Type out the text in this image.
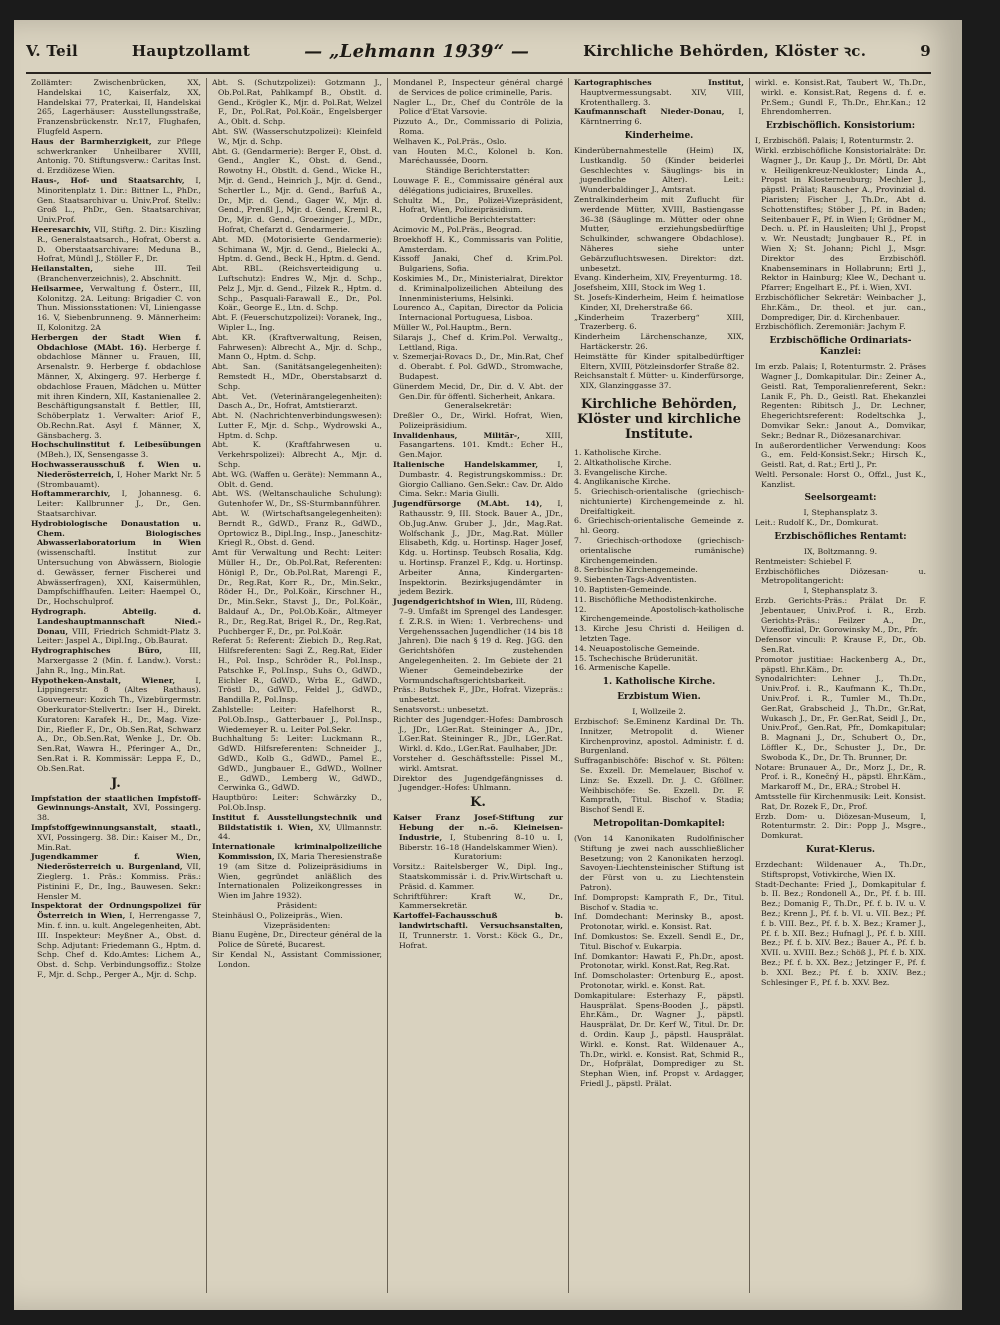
V. Teil	Hauptzollamt	— „Lehmann 1939“ —	Kirchliche Behörden, Klöster ꝛc.	9

Zollämter: Zwischenbrücken, XX, Handelskai 1C, Kaiserfalz, XX, Handelskai 77, Praterkai, II, Handelskai 265, Lagerhäuser: Ausstellungsstraße, Franzensbrückenstr. Nr.17, Flughafen, Flugfeld Aspern.

Haus der Barmherzigkeit, zur Pflege schwerkranker Unheilbarer XVIII, Antonig. 70. Stiftungsverw.: Caritas Inst. d. Erzdiözese Wien.

Haus-, Hof- und Staatsarchiv, I, Minoritenplatz 1. Dir.: Bittner L., PhDr., Gen. Staatsarchivar u. Univ.Prof. Stellv.: Groß L., PhDr., Gen. Staatsarchivar, Univ.Prof.

Heeresarchiv, VII, Stiftg. 2. Dir.: Kiszling R., Generalstaatsarch., Hofrat, Oberst a. D. Oberstaatsarchivare: Meduna B., Hofrat, Mündl J., Stöller F., Dr.

Heilanstalten, siehe III. Teil (Branchenverzeichnis), 2. Abschnitt.

Heilsarmee, Verwaltung f. Österr., III, Kolonitzg. 2A. Leitung: Brigadier C. von Thun. Missionsstationen: VI, Liniengasse 16. V, Siebenbrunneng. 9. Männerheim: II, Kolonitzg. 2A

Herbergen der Stadt Wien f. Obdachlose (MAbt. 16). Herberge f. obdachlose Männer u. Frauen, III, Arsenalstr. 9. Herberge f. obdachlose Männer, X, Alxingerg. 97. Herberge f. obdachlose Frauen, Mädchen u. Mütter mit ihren Kindern, XII, Kastanienallee 2. Beschäftigungsanstalt f. Bettler, III, Schöberplatz 1. Verwalter: Ariof F., Ob.Rechn.Rat. Asyl f. Männer, X, Gänsbacherg. 3.

Hochschulinstitut f. Leibesübungen (MBeh.), IX, Sensengasse 3.

Hochwasserausschuß f. Wien u. Niederösterreich, I, Hoher Markt Nr. 5 (Strombauamt).

Hoftammerarchiv, I, Johannesg. 6. Leiter: Kallbrunner J., Dr., Gen. Staatsarchivar.

Hydrobiologische Donaustation u. Chem. Biologisches Abwasserlaboratorium in Wien (wissenschaftl. Institut zur Untersuchung von Abwässern, Biologie d. Gewässer, ferner Fischerei und Abwässerfragen), XXI, Kaisermühlen, Dampfschiffhaufen. Leiter: Haempel O., Dr., Hochschulprof.

Hydrograph. Abteilg. d. Landeshauptmannschaft Nied.-Donau, VIII, Friedrich Schmidt-Platz 3. Leiter: Jaspel A., Dipl.Ing., Ob.Baurat.

Hydrographisches Büro, III, Marxergasse 2 (Min. f. Landw.). Vorst.: Jahn R., Ing., Min.Rat.

Hypotheken-Anstalt, Wiener, I, Lippingerstr. 8 (Altes Rathaus). Gouverneur: Kozich Th., Vizebürgermstr. Oberkurator-Stellvertr.: Iser H., Direkt. Kuratoren: Karafek H., Dr., Mag. Vize-Dir., Riefler F., Dr., Ob.Sen.Rat, Schwarz A., Dr., Ob.Sen.Rat, Wenke J., Dr. Ob. Sen.Rat, Wawra H., Pferinger A., Dr., Sen.Rat i. R. Kommissär: Leppa F., D., Ob.Sen.Rat.

J.

Impfstation der staatlichen Impfstoff-Gewinnungs-Anstalt, XVI, Possingerg. 38.

Impfstoffgewinnungsanstalt, staatl., XVI, Possingerg. 38. Dir.: Kaiser M., Dr., Min.Rat.

Jugendkammer f. Wien, Niederösterreich u. Burgenland, VII, Zieglerg. 1. Präs.: Kommiss. Präs.: Pistinini F., Dr., Ing., Bauwesen. Sekr.: Hensler M.

Inspektorat der Ordnungspolizei für Österreich in Wien, I, Herrengasse 7, Min. f. inn. u. kult. Angelegenheiten, Abt. III. Inspekteur: Meyßner A., Obst. d. Schp. Adjutant: Friedemann G., Hptm. d. Schp. Chef d. Kdo.Amtes: Lichem A., Obst. d. Schp. Verbindungsoffiz.: Stolze F., Mjr. d. Schp., Perger A., Mjr. d. Schp.

Abt. S. (Schutzpolizei): Gotzmann J., Ob.Pol.Rat, Pahlkampf B., Obstlt. d. Gend., Krögler K., Mjr. d. Pol.Rat, Welzel F., Dr., Pol.Rat, Pol.Koär., Engelsberger A., Oblt. d. Schp.

Abt. SW. (Wasserschutzpolizei): Kleinfeld W., Mjr. d. Schp.

Abt. G. (Gendarmerie): Berger F., Obst. d. Gend., Angler K., Obst. d. Gend., Rowotny H., Obstlt. d. Gend., Wicke H., Mjr. d. Gend., Heinrich J., Mjr. d. Gend., Schertler L., Mjr. d. Gend., Barfuß A., Dr., Mjr. d. Gend., Gager W., Mjr. d. Gend., Prenßl J., Mjr. d. Gend., Kreml R., Dr., Mjr. d. Gend., Groezinger J., MDr., Hofrat, Chefarzt d. Gendarmerie.

Abt. MD. (Motorisierte Gendarmerie): Schimana W., Mjr. d. Gend., Bielecki A., Hptm. d. Gend., Beck H., Hptm. d. Gend.

Abt. RBL. (Reichsverteidigung u. Luftschutz): Endres W., Mjr. d. Schp., Pelz J., Mjr. d. Gend., Filzek R., Hptm. d. Schp., Pasquali-Farawall E., Dr., Pol. Koär., George E., Ltn. d. Schp.

Abt. F. (Feuerschutzpolizei): Voranek, Ing., Wipler L., Ing.

Abt. KR. (Kraftverwaltung, Reisen, Fahrwesen): Albrecht A., Mjr. d. Schp., Mann O., Hptm. d. Schp.

Abt. San. (Sanitätsangelegenheiten): Remstedt H., MDr., Oberstabsarzt d. Schp.

Abt. Vet. (Veterinärangelegenheiten): Dasch A., Dr., Hofrat, Amtstierarzt.

Abt. N. (Nachrichtenverbindungswesen): Lutter F., Mjr. d. Schp., Wydrowski A., Hptm. d. Schp.

Abt. K. (Kraftfahrwesen u. Verkehrspolizei): Albrecht A., Mjr. d. Schp.

Abt. WG. (Waffen u. Geräte): Nemmann A., Oblt. d. Gend.

Abt. WS. (Weltanschauliche Schulung): Gutenhofer W., Dr., SS-Sturmbannführer.

Abt. W. (Wirtschaftsangelegenheiten): Berndt R., GdWD., Franz R., GdWD., Oprtowicz B., Dipl.Ing., Insp., Janeschitz-Kriegl R., Obst. d. Gend.

Amt für Verwaltung und Recht: Leiter: Müller H., Dr., Ob.Pol.Rat, Referenten: Hönigl P., Dr., Ob.Pol.Rat, Marengi F., Dr., Reg.Rat, Korr R., Dr., Min.Sekr., Röder H., Dr., Pol.Koär., Kirschner H., Dr., Min.Sekr., Stavst J., Dr., Pol.Koär., Baldauf A., Dr., Pol.Ob.Koär., Altmeyer R., Dr., Reg.Rat, Brigel R., Dr., Reg.Rat, Puchberger F., Dr., pr. Pol.Koär.

Referat 5: Referent: Ziebich D., Reg.Rat, Hilfsreferenten: Sagi Z., Reg.Rat, Eider H., Pol. Insp., Schröder R., Pol.Insp., Patschke F., Pol.Insp., Suhs O., GdWD., Eichler R., GdWD., Wrba E., GdWD., Tröstl D., GdWD., Feldel J., GdWD., Bandilla P., Pol.Insp.

Zahlstelle: Leiter: Hafelhorst R., Pol.Ob.Insp., Gatterbauer J., Pol.Insp., Wiedemeyer R. u. Leiter Pol.Sekr.

Buchhaltung 5: Leiter: Luckmann R., GdWD. Hilfsreferenten: Schneider J., GdWD., Kolb G., GdWD., Pamel E., GdWD., Jungbauer E., GdWD., Wollner E., GdWD., Lemberg W., GdWD., Cerwinka G., GdWD.

Hauptbüro: Leiter: Schwärzky D., Pol.Ob.Insp.

Institut f. Ausstellungstechnik und Bildstatistik i. Wien, XV, Ullmannstr. 44.

Internationale kriminalpolizeiliche Kommission, IX, Maria Theresienstraße 19 (am Sitze d. Polizeipräsidiums in Wien, gegründet anläßlich des Internationalen Polizeikongresses in Wien im Jahre 1932).

Präsident:

Steinhäusl O., Polizeipräs., Wien.

Vizepräsidenten:

Bianu Eugène, Dr., Directeur général de la Police de Sûreté, Bucarest.

Sir Kendal N., Assistant Commissioner, London.

Mondanel P., Inspecteur général chargé de Services de police criminelle, Paris.

Nagler L., Dr., Chef du Contrôle de la Police d'Etat Varsovie.

Pizzuto A., Dr., Commissario di Polizia, Roma.

Welhaven K., Pol.Präs., Oslo.

van Houten M.C., Kolonel b. Kon. Maréchaussée, Doorn.

Ständige Berichterstatter:

Louwage F. E., Commissaire général aux délégations judiciaires, Bruxelles.

Schultz M., Dr., Polizei-Vizepräsident, Hofrat, Wien, Polizeipräsidium.

Ordentliche Berichterstatter:

Acimovic M., Pol.Präs., Beograd.

Broekhoff H. K., Commissaris van Politie, Amsterdam.

Kissoff Janaki, Chef d. Krim.Pol. Bulgariens, Sofia.

Koskimies M., Dr., Ministerialrat, Direktor d. Kriminalpolizeilichen Abteilung des Innenministeriums, Helsinki.

Lourenco A., Capitan, Director da Policia Internacional Portuguesa, Lisboa.

Müller W., Pol.Hauptm., Bern.

Silarajs J., Chef d. Krim.Pol. Verwaltg., Lettland, Riga.

v. Szemerjai-Rovacs D., Dr., Min.Rat, Chef d. Oberabt. f. Pol. GdWD., Stromwache, Budapest.

Günerdem Mecid, Dr., Dir. d. V. Abt. der Gen.Dir. für öffentl. Sicherheit, Ankara.

Generalsekretär:

Dreßler O., Dr., Wirkl. Hofrat, Wien, Polizeipräsidium.

Invalidenhaus, Militär-, XIII, Fasangartens. 101. Kmdt.: Echer H., Gen.Major.

Italienische Handelskammer, I, Dumbastr. 4. Registrungskommiss.: Dr. Giorgio Calliano. Gen.Sekr.: Cav. Dr. Aldo Cima. Sekr.: Maria Giulli.

Jugendfürsorge (M.Abt. 14), I, Rathausstr. 9, III. Stock. Bauer A., JDr., Ob.Jug.Anw. Gruber J., Jdr., Mag.Rat. Wolfschank J., JDr., Mag.Rat. Müller Elisabeth, Kdg. u. Hortinsp. Hager Josef, Kdg. u. Hortinsp. Teubsch Rosalia, Kdg. u. Hortinsp. Franzel F., Kdg. u. Hortinsp. Arbeiter Anna, Kindergarten-Inspektorin. Bezirksjugendämter in jedem Bezirk.

Jugendgerichtshof in Wien, III, Rüdeng. 7–9. Umfaßt im Sprengel des Landesger. f. Z.R.S. in Wien: 1. Verbrechens- und Vergehenssachen Jugendlicher (14 bis 18 Jahren). Die nach § 19 d. Reg. JGG. den Gerichtshöfen zustehenden Angelegenheiten. 2. Im Gebiete der 21 Wiener Gemeindebezirke der Vormundschaftsgerichtsbarkeit.

Präs.: Butschek F., JDr., Hofrat. Vizepräs.: unbesetzt.

Senatsvorst.: unbesetzt.

Richter des Jugendger.-Hofes: Dambrosch J., JDr., LGer.Rat. Steininger A., JDr., LGer.Rat. Steininger R., JDr., LGer.Rat. Wirkl. d. Kdo., LGer.Rat. Faulhaber, JDr.

Vorsteher d. Geschäftsstelle: Pissel M., wirkl. Amtsrat.

Direktor des Jugendgefängnisses d. Jugendger.-Hofes: Uhlmann.

K.

Kaiser Franz Josef-Stiftung zur Hebung der n.-ö. Kleineisen-Industrie, I, Stubenring 8–10 u. I, Biberstr. 16–18 (Handelskammer Wien).

Kuratorium:

Vorsitz.: Raitelsberger W., Dipl. Ing., Staatskommissär i. d. Priv.Wirtschaft u. Präsid. d. Kammer.

Schriftführer: Kraft W., Dr., Kammersekretär.

Kartoffel-Fachausschuß b. landwirtschaftl. Versuchsanstalten, II, Trunnerstr. 1. Vorst.: Köck G., Dr., Hofrat.

Kartographisches Institut, Hauptvermessungsabt. XIV, VIII, Krotenthallerg. 3.

Kaufmannschaft Nieder-Donau, I, Kärntnerring 6.

Kinderheime.

Kinderübernahmestelle (Heim) IX, Lustkandlg. 50 (Kinder beiderlei Geschlechtes v. Säuglings- bis in jugendliche Alter). Leit.: Wunderbaldinger J., Amtsrat.

Zentralkinderheim mit Zuflucht für werdende Mütter, XVIII, Bastiengasse 36–38 (Säuglinge m. Mütter oder ohne Mutter, erziehungsbedürftige Schulkinder, schwangere Obdachlose). Näheres siehe unter Gebärzufluchtswesen. Direktor: dzt. unbesetzt.

Evang. Kinderheim, XIV, Freyenturmg. 18.

Josefsheim, XIII, Stock im Weg 1.

St. Josefs-Kinderheim, Heim f. heimatlose Kinder, XI, Dreherstraße 66.

„Kinderheim Trazerberg“ XIII, Trazerberg. 6.

Kinderheim Lärchenschanze, XIX, Hartäckerstr. 26.

Heimstätte für Kinder spitalbedürftiger Eltern, XVIII, Pötzleinsdorfer Straße 82.

Reichsanstalt f. Mütter- u. Kinderfürsorge, XIX, Glanzinggasse 37.

Kirchliche Behörden, Klöster und kirchliche Institute.

1. Katholische Kirche.

2. Altkatholische Kirche.

3. Evangelische Kirche.

4. Anglikanische Kirche.

5. Griechisch-orientalische (griechisch-nichtunierte) Kirchengemeinde z. hl. Dreifaltigkeit.

6. Griechisch-orientalische Gemeinde z. hl. Georg.

7. Griechisch-orthodoxe (griechisch-orientalische rumänische) Kirchengemeinden.

8. Serbische Kirchengemeinde.

9. Siebenten-Tags-Adventisten.

10. Baptisten-Gemeinde.

11. Bischöfliche Methodistenkirche.

12. Apostolisch-katholische Kirchengemeinde.

13. Kirche Jesu Christi d. Heiligen d. letzten Tage.

14. Neuapostolische Gemeinde.

15. Tschechische Brüderunität.

16. Armenische Kapelle.

1. Katholische Kirche.
Erzbistum Wien.

I, Wollzeile 2.

Erzbischof: Se.Eminenz Kardinal Dr. Th. Innitzer, Metropolit d. Wiener Kirchenprovinz, apostol. Administr. f. d. Burgenland.

Suffraganbischöfe: Bischof v. St. Pölten: Se. Exzell. Dr. Memelauer, Bischof v. Linz: Se. Exzell. Dr. J. C. Gföllner. Weihbischöfe: Se. Exzell. Dr. F. Kamprath, Titul. Bischof v. Stadia; Bischof Sendl E.

Metropolitan-Domkapitel:

(Von 14 Kanonikaten Rudolfinischer Stiftung je zwei nach ausschließlicher Besetzung; von 2 Kanonikaten herzogl. Savoyen-Liechtensteinischer Stiftung ist der Fürst von u. zu Liechtenstein Patron).

Inf. Dompropst: Kamprath F., Dr., Titul. Bischof v. Stadia ꝛc.

Inf. Domdechant: Merinsky B., apost. Protonotar, wirkl. e. Konsist. Rat.

Inf. Domkustos: Se. Exzell. Sendl E., Dr., Titul. Bischof v. Eukarpia.

Inf. Domkantor: Hawati F., Ph.Dr., apost. Protonotar, wirkl. Konst.Rat, Reg.Rat.

Inf. Domscholaster: Ortenburg E., apost. Protonotar, wirkl. e. Konst. Rat.

Domkapitulare: Esterhazy F., päpstl. Hausprälat. Spens-Booden J., päpstl. Ehr.Käm., Dr. Wagner J., päpstl. Hausprälat, Dr. Dr. Kerf W., Titul. Dr. Dr. d. Ordin. Kaup J., päpstl. Hausprälat. Wirkl. e. Konst. Rat. Wildenauer A., Th.Dr., wirkl. e. Konsist. Rat, Schmid R., Dr., Hofprälat, Domprediger zu St. Stephan Wien, inf. Propst v. Ardagger, Friedl J., päpstl. Prälat.

wirkl. e. Konsist.Rat, Taubert W., Th.Dr., wirkl. e. Konsist.Rat, Regens d. f. e. Pr.Sem.; Gundl F., Th.Dr., Ehr.Kan.; 12 Ehrendomherren.

Erzbischöflich. Konsistorium:

I, Erzbischöfl. Palais; I, Rotenturmstr. 2.

Wirkl. erzbischöfliche Konsistorialräte: Dr. Wagner J., Dr. Kaup J., Dr. Mörtl, Dr. Abt v. Heiligenkreuz-Neukloster; Linda A., Propst in Klosterneuburg; Mechler J., päpstl. Prälat; Rauscher A., Provinzial d. Piaristen; Fischer J., Th.Dr., Abt d. Schottenstiftes; Stöber J., Pf. in Baden; Seitenbauer F., Pf. in Wien I; Grödner M., Dech. u. Pf. in Hausleiten; Uhl J., Propst v. Wr. Neustadt; Jungbauer R., Pf. in Wien X; St. Johann; Pichl J., Msgr. Direktor des Erzbischöfl. Knabenseminars in Hollabrunn; Ertl J., Rektor in Hainburg; Klee W., Dechant u. Pfarrer; Engelhart E., Pf. i. Wien, XVI.

Erzbischöflicher Sekretär: Weinbacher J., Ehr.Käm., Dr. theol. et jur. can., Domprediger, Dir. d. Kirchenbauer.

Erzbischöflich. Zeremoniär: Jachym F.

Erzbischöfliche Ordinariats-Kanzlei:

Im erzb. Palais; I, Rotenturmstr. 2. Präses Wagner J., Domkapitular. Dir.: Zeiner A., Geistl. Rat, Temporalienreferent, Sekr.: Lanik F., Ph. D., Geistl. Rat. Ehekanzlei Regenten: Ribitsch J., Dr. Lechner, Ehegerichtsreferent: Rodeltschka J., Domvikar Sekr.: Janout A., Domvikar, Sekr.; Bednar R., Diözesanarchivar.

In außerordentlicher Verwendung: Koos G., em. Feld-Konsist.Sekr.; Hirsch K., Geistl. Rat, d. Rat.; Ertl J., Pr.

Weltl. Personale: Horst O., Offzl., Just K., Kanzlist.

Seelsorgeamt:

I, Stephansplatz 3.

Leit.: Rudolf K., Dr., Domkurat.

Erzbischöfliches Rentamt:

IX, Boltzmanng. 9.

Rentmeister: Schiebel F.

Erzbischöfliches Diözesan- u. Metropolitangericht:

I, Stephansplatz 3.

Erzb. Gerichts-Präs.: Prälat Dr. F. Jebentauer, Univ.Prof. i. R., Erzb. Gerichts-Präs.: Feilzer A., Dr., Vizeoffizial, Dr. Gorowinsky M., Dr., Pfr.

Defensor vinculi: P. Krause F., Dr., Ob. Sen.Rat.

Promotor justitiae: Hackenberg A., Dr., päpstl. Ehr.Käm., Dr.

Synodalrichter: Lehner J., Th.Dr., Univ.Prof. i. R., Kaufmann K., Th.Dr., Univ.Prof. i. R., Tumler M., Th.Dr., Ger.Rat, Grabscheid J., Th.Dr., Gr.Rat, Wukasch J., Dr., Fr. Ger.Rat, Seidl J., Dr., Univ.Prof., Gen.Rat, Pfr., Domkapitular; B. Magnani J., Dr., Schubert O., Dr., Löffler K., Dr., Schuster J., Dr., Dr. Swoboda K., Dr., Dr. Th. Brunner, Dr.

Notare: Brunauer A., Dr., Morz J., Dr., R. Prof. i. R., Konečný H., päpstl. Ehr.Käm., Markaroff M., Dr., ERA.; Strobel H.

Amtsstelle für Kirchenmusik: Leit. Konsist. Rat, Dr. Rozek F., Dr., Prof.

Erzb. Dom- u. Diözesan-Museum, I, Rotenturmstr. 2. Dir.: Popp J., Msgre., Domkurat.

Kurat-Klerus.

Erzdechant: Wildenauer A., Th.Dr., Stiftspropst, Votivkirche, Wien IX.

Stadt-Dechante: Fried J., Domkapitular f. b. II. Bez.; Rondonell A., Dr., Pf. f. b. III. Bez.; Domanig F., Th.Dr., Pf. f. b. IV. u. V. Bez.; Krenn J., Pf. f. b. VI. u. VII. Bez.; Pf. f. b. VIII. Bez., Pf. f. b. X. Bez.; Kramer J., Pf. f. b. XII. Bez.; Hufnagl J., Pf. f. b. XIII. Bez.; Pf. f. b. XIV. Bez.; Bauer A., Pf. f. b. XVII. u. XVIII. Bez.; Schöß J., Pf. f. b. XIX. Bez.; Pf. f. b. XX. Bez.; Jetzinger F., Pf. f. b. XXI. Bez.; Pf. f. b. XXIV. Bez.; Schlesinger F., Pf. f. b. XXV. Bez.
